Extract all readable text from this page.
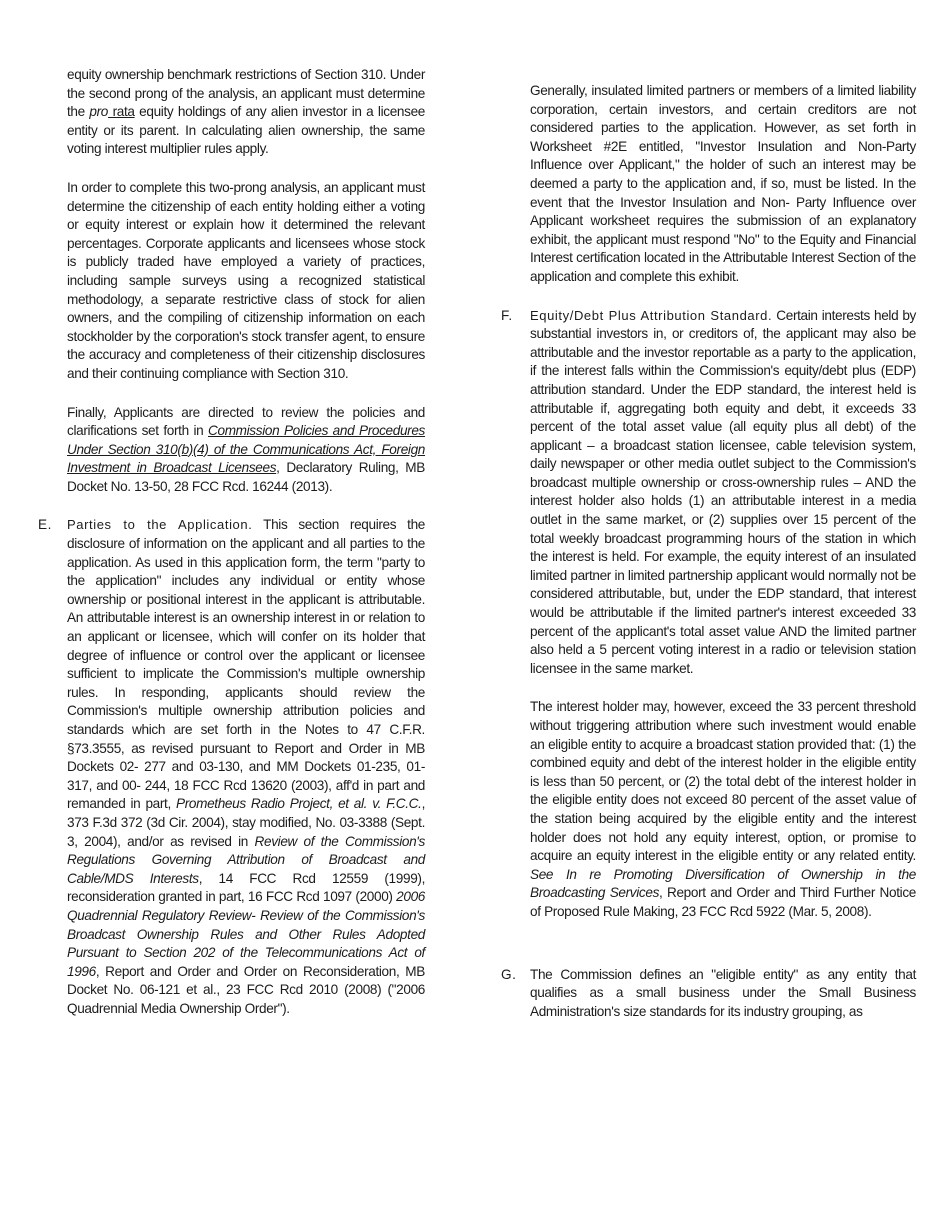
equity ownership benchmark restrictions of Section 310. Under the second prong of the analysis, an applicant must determine the pro rata equity holdings of any alien investor in a licensee entity or its parent. In calculating alien ownership, the same voting interest multiplier rules apply.

In order to complete this two-prong analysis, an applicant must determine the citizenship of each entity holding either a voting or equity interest or explain how it determined the relevant percentages. Corporate applicants and licensees whose stock is publicly traded have employed a variety of practices, including sample surveys using a recognized statistical methodology, a separate restrictive class of stock for alien owners, and the compiling of citizenship information on each stockholder by the corporation's stock transfer agent, to ensure the accuracy and completeness of their citizenship disclosures and their continuing compliance with Section 310.

Finally, Applicants are directed to review the policies and clarifications set forth in Commission Policies and Procedures Under Section 310(b)(4) of the Communications Act, Foreign Investment in Broadcast Licensees, Declaratory Ruling, MB Docket No. 13-50, 28 FCC Rcd. 16244 (2013).

E. Parties to the Application. This section requires the disclosure of information on the applicant and all parties to the application. As used in this application form, the term "party to the application" includes any individual or entity whose ownership or positional interest in the applicant is attributable. An attributable interest is an ownership interest in or relation to an applicant or licensee, which will confer on its holder that degree of influence or control over the applicant or licensee sufficient to implicate the Commission's multiple ownership rules. In responding, applicants should review the Commission's multiple ownership attribution policies and standards which are set forth in the Notes to 47 C.F.R. §73.3555, as revised pursuant to Report and Order in MB Dockets 02- 277 and 03-130, and MM Dockets 01-235, 01-317, and 00- 244, 18 FCC Rcd 13620 (2003), aff'd in part and remanded in part, Prometheus Radio Project, et al. v. F.C.C., 373 F.3d 372 (3d Cir. 2004), stay modified, No. 03-3388 (Sept. 3, 2004), and/or as revised in Review of the Commission's Regulations Governing Attribution of Broadcast and Cable/MDS Interests, 14 FCC Rcd 12559 (1999), reconsideration granted in part, 16 FCC Rcd 1097 (2000) 2006 Quadrennial Regulatory Review- Review of the Commission's Broadcast Ownership Rules and Other Rules Adopted Pursuant to Section 202 of the Telecommunications Act of 1996, Report and Order and Order on Reconsideration, MB Docket No. 06-121 et al., 23 FCC Rcd 2010 (2008) ("2006 Quadrennial Media Ownership Order").

Generally, insulated limited partners or members of a limited liability corporation, certain investors, and certain creditors are not considered parties to the application. However, as set forth in Worksheet #2E entitled, "Investor Insulation and Non-Party Influence over Applicant," the holder of such an interest may be deemed a party to the application and, if so, must be listed. In the event that the Investor Insulation and Non- Party Influence over Applicant worksheet requires the submission of an explanatory exhibit, the applicant must respond "No" to the Equity and Financial Interest certification located in the Attributable Interest Section of the application and complete this exhibit.

F. Equity/Debt Plus Attribution Standard. Certain interests held by substantial investors in, or creditors of, the applicant may also be attributable and the investor reportable as a party to the application, if the interest falls within the Commission's equity/debt plus (EDP) attribution standard. Under the EDP standard, the interest held is attributable if, aggregating both equity and debt, it exceeds 33 percent of the total asset value (all equity plus all debt) of the applicant – a broadcast station licensee, cable television system, daily newspaper or other media outlet subject to the Commission's broadcast multiple ownership or cross-ownership rules – AND the interest holder also holds (1) an attributable interest in a media outlet in the same market, or (2) supplies over 15 percent of the total weekly broadcast programming hours of the station in which the interest is held. For example, the equity interest of an insulated limited partner in limited partnership applicant would normally not be considered attributable, but, under the EDP standard, that interest would be attributable if the limited partner's interest exceeded 33 percent of the applicant's total asset value AND the limited partner also held a 5 percent voting interest in a radio or television station licensee in the same market.

The interest holder may, however, exceed the 33 percent threshold without triggering attribution where such investment would enable an eligible entity to acquire a broadcast station provided that: (1) the combined equity and debt of the interest holder in the eligible entity is less than 50 percent, or (2) the total debt of the interest holder in the eligible entity does not exceed 80 percent of the asset value of the station being acquired by the eligible entity and the interest holder does not hold any equity interest, option, or promise to acquire an equity interest in the eligible entity or any related entity. See In re Promoting Diversification of Ownership in the Broadcasting Services, Report and Order and Third Further Notice of Proposed Rule Making, 23 FCC Rcd 5922 (Mar. 5, 2008).

G. The Commission defines an "eligible entity" as any entity that qualifies as a small business under the Small Business Administration's size standards for its industry grouping, as
